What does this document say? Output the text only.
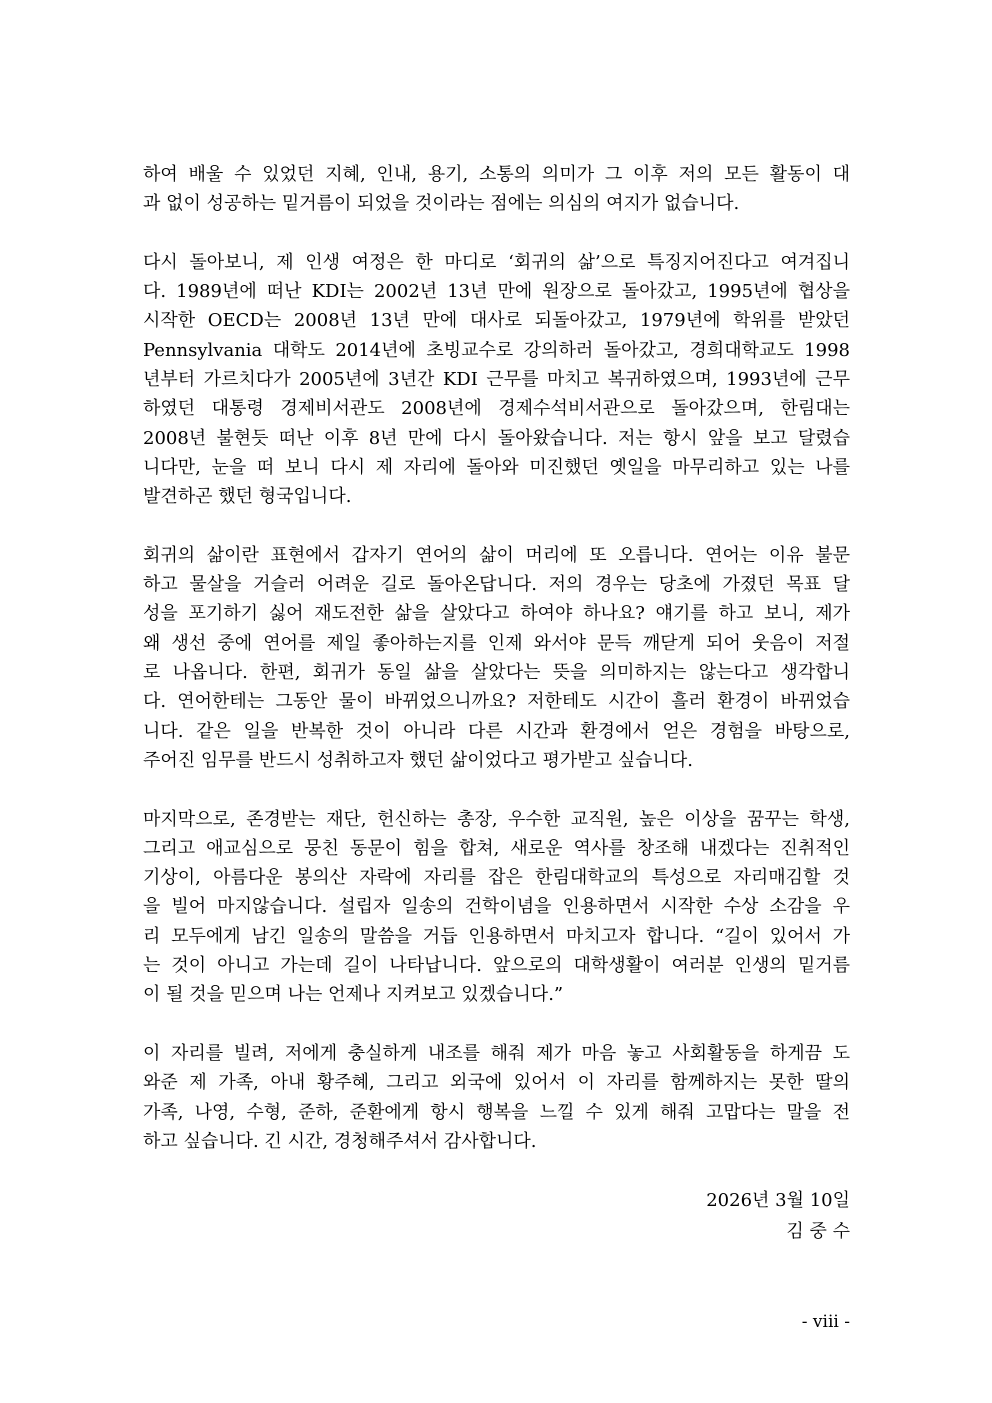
하여 배울 수 있었던 지혜, 인내, 용기, 소통의 의미가 그 이후 저의 모든 활동이 대
과 없이 성공하는 밑거름이 되었을 것이라는 점에는 의심의 여지가 없습니다.
다시 돌아보니, 제 인생 여정은 한 마디로 ‘회귀의 삶’으로 특징지어진다고 여겨집니
다. 1989년에 떠난 KDI는 2002년 13년 만에 원장으로 돌아갔고, 1995년에 협상을
시작한 OECD는 2008년 13년 만에 대사로 되돌아갔고, 1979년에 학위를 받았던
Pennsylvania 대학도 2014년에 초빙교수로 강의하러 돌아갔고, 경희대학교도 1998
년부터 가르치다가 2005년에 3년간 KDI 근무를 마치고 복귀하였으며, 1993년에 근무
하였던 대통령 경제비서관도 2008년에 경제수석비서관으로 돌아갔으며, 한림대는
2008년 불현듯 떠난 이후 8년 만에 다시 돌아왔습니다. 저는 항시 앞을 보고 달렸습
니다만, 눈을 떠 보니 다시 제 자리에 돌아와 미진했던 옛일을 마무리하고 있는 나를
발견하곤 했던 형국입니다.
회귀의 삶이란 표현에서 갑자기 연어의 삶이 머리에 또 오릅니다. 연어는 이유 불문
하고 물살을 거슬러 어려운 길로 돌아온답니다. 저의 경우는 당초에 가졌던 목표 달
성을 포기하기 싫어 재도전한 삶을 살았다고 하여야 하나요? 얘기를 하고 보니, 제가
왜 생선 중에 연어를 제일 좋아하는지를 인제 와서야 문득 깨닫게 되어 웃음이 저절
로 나옵니다. 한편, 회귀가 동일 삶을 살았다는 뜻을 의미하지는 않는다고 생각합니
다. 연어한테는 그동안 물이 바뀌었으니까요? 저한테도 시간이 흘러 환경이 바뀌었습
니다. 같은 일을 반복한 것이 아니라 다른 시간과 환경에서 얻은 경험을 바탕으로,
주어진 임무를 반드시 성취하고자 했던 삶이었다고 평가받고 싶습니다.
마지막으로, 존경받는 재단, 헌신하는 총장, 우수한 교직원, 높은 이상을 꿈꾸는 학생,
그리고 애교심으로 뭉친 동문이 힘을 합쳐, 새로운 역사를 창조해 내겠다는 진취적인
기상이, 아름다운 봉의산 자락에 자리를 잡은 한림대학교의 특성으로 자리매김할 것
을 빌어 마지않습니다. 설립자 일송의 건학이념을 인용하면서 시작한 수상 소감을 우
리 모두에게 남긴 일송의 말씀을 거듭 인용하면서 마치고자 합니다. “길이 있어서 가
는 것이 아니고 가는데 길이 나타납니다. 앞으로의 대학생활이 여러분 인생의 밑거름
이 될 것을 믿으며 나는 언제나 지켜보고 있겠습니다.”
이 자리를 빌려, 저에게 충실하게 내조를 해줘 제가 마음 놓고 사회활동을 하게끔 도
와준 제 가족, 아내 황주혜, 그리고 외국에 있어서 이 자리를 함께하지는 못한 딸의
가족, 나영, 수형, 준하, 준환에게 항시 행복을 느낄 수 있게 해줘 고맙다는 말을 전
하고 싶습니다. 긴 시간, 경청해주셔서 감사합니다.
2026년 3월 10일
김 중 수
- viii -
